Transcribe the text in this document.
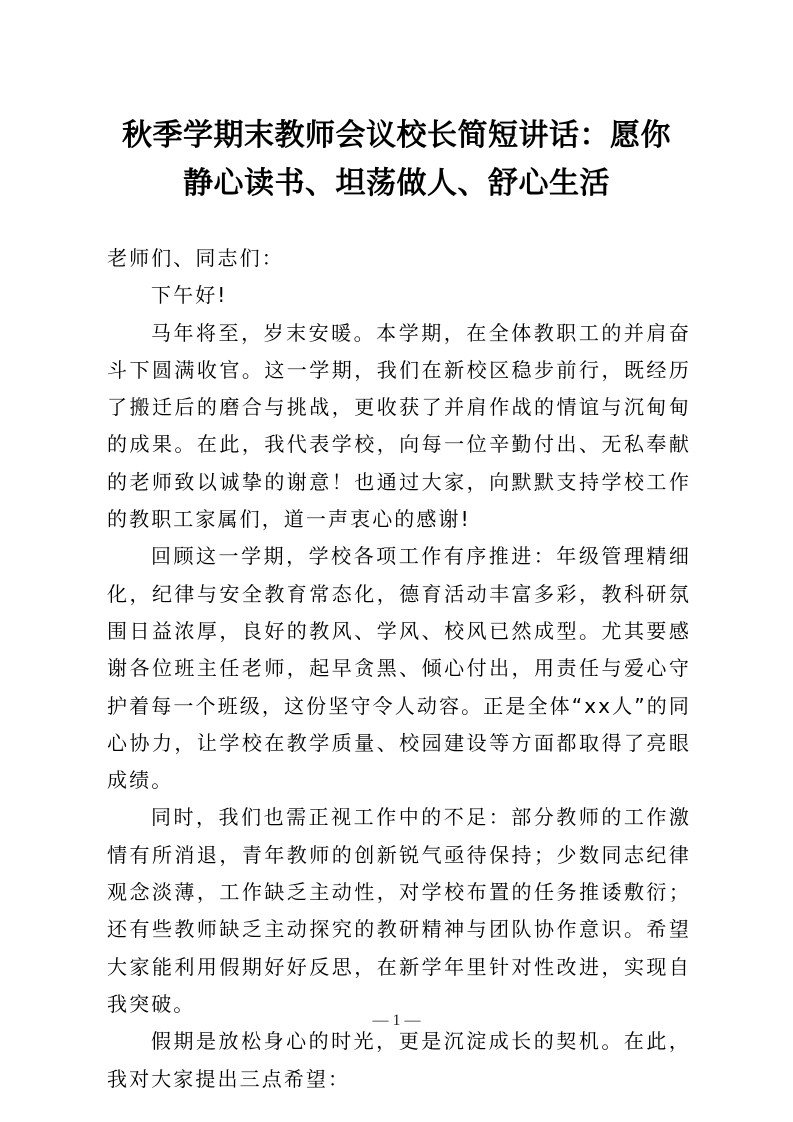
秋季学期末教师会议校长简短讲话：愿你
静心读书、坦荡做人、舒心生活

老师们、同志们：

下午好!

马年将至，岁末安暖。本学期，在全体教职工的并肩奋斗下圆满收官。这一学期，我们在新校区稳步前行，既经历了搬迁后的磨合与挑战，更收获了并肩作战的情谊与沉甸甸的成果。在此，我代表学校，向每一位辛勤付出、无私奉献的老师致以诚挚的谢意！也通过大家，向默默支持学校工作的教职工家属们，道一声衷心的感谢!

回顾这一学期，学校各项工作有序推进：年级管理精细化，纪律与安全教育常态化，德育活动丰富多彩，教科研氛围日益浓厚，良好的教风、学风、校风已然成型。尤其要感谢各位班主任老师，起早贪黑、倾心付出，用责任与爱心守护着每一个班级，这份坚守令人动容。正是全体“xx人”的同心协力，让学校在教学质量、校园建设等方面都取得了亮眼成绩。

同时，我们也需正视工作中的不足：部分教师的工作激情有所消退，青年教师的创新锐气亟待保持；少数同志纪律观念淡薄，工作缺乏主动性，对学校布置的任务推诿敷衍；还有些教师缺乏主动探究的教研精神与团队协作意识。希望大家能利用假期好好反思，在新学年里针对性改进，实现自我突破。

假期是放松身心的时光，更是沉淀成长的契机。在此，我对大家提出三点希望：

— 1 —
